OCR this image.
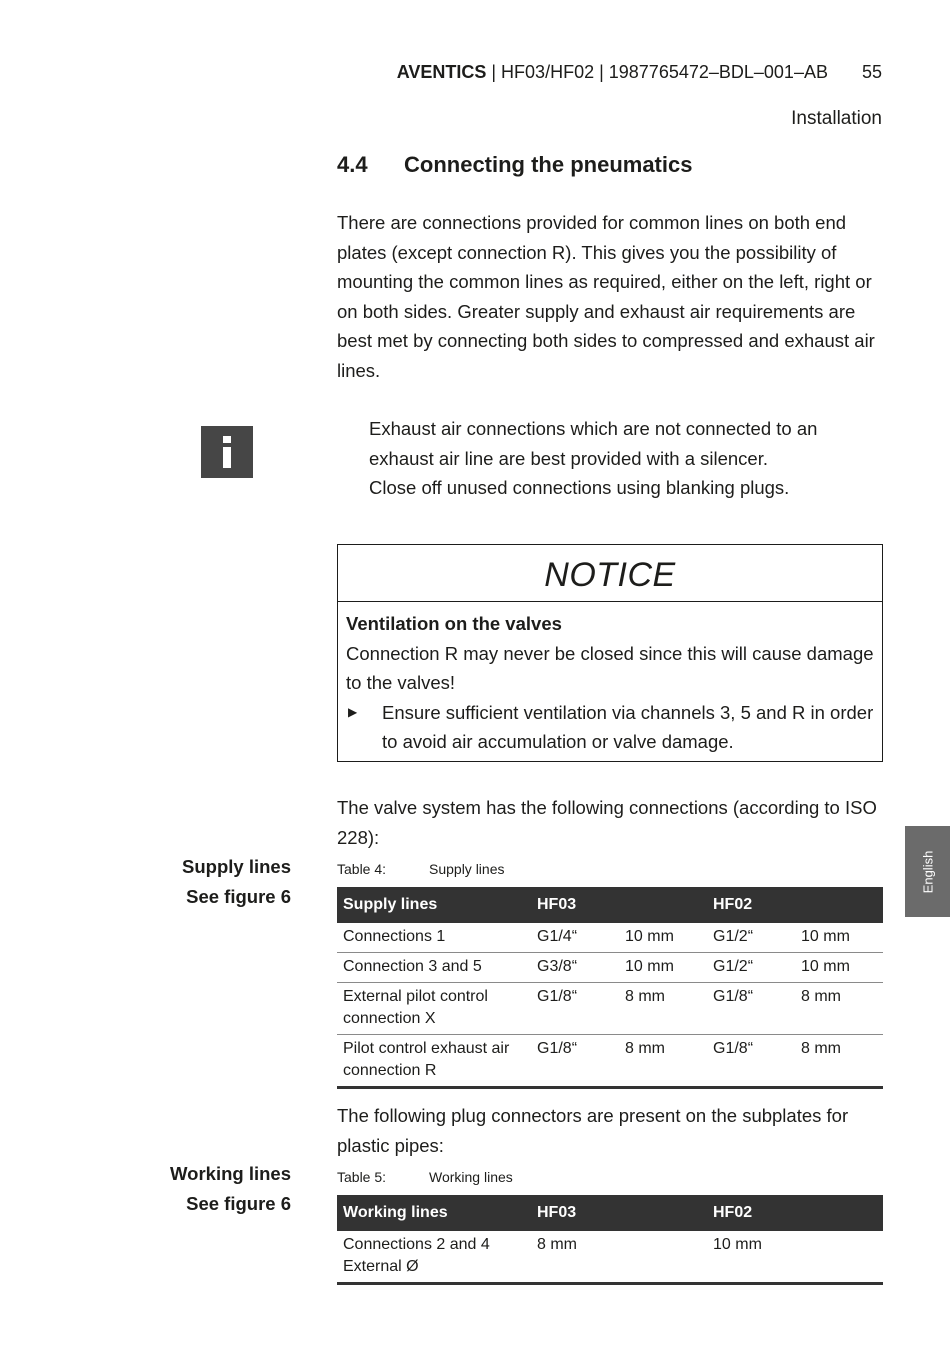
AVENTICS | HF03/HF02 | 1987765472–BDL–001–AB 55
Installation
4.4 Connecting the pneumatics
There are connections provided for common lines on both end plates (except connection R). This gives you the possibility of mounting the common lines as required, either on the left, right or on both sides. Greater supply and exhaust air requirements are best met by connecting both sides to compressed and exhaust air lines.
Exhaust air connections which are not connected to an exhaust air line are best provided with a silencer.
Close off unused connections using blanking plugs.
NOTICE
Ventilation on the valves
Connection R may never be closed since this will cause damage to the valves!
▶ Ensure sufficient ventilation via channels 3, 5 and R in order to avoid air accumulation or valve damage.
The valve system has the following connections (according to ISO 228):
Supply lines
See figure 6
Table 4:	Supply lines
Supply lines	HF03		HF02	
Connections 1	G1/4“	10 mm	G1/2“	10 mm
Connection 3 and 5	G3/8“	10 mm	G1/2“	10 mm
External pilot control connection X	G1/8“	8 mm	G1/8“	8 mm
Pilot control exhaust air connection R	G1/8“	8 mm	G1/8“	8 mm
The following plug connectors are present on the subplates for plastic pipes:
Working lines
See figure 6
Table 5:	Working lines
Working lines	HF03	HF02
Connections 2 and 4 External Ø	8 mm	10 mm
English
